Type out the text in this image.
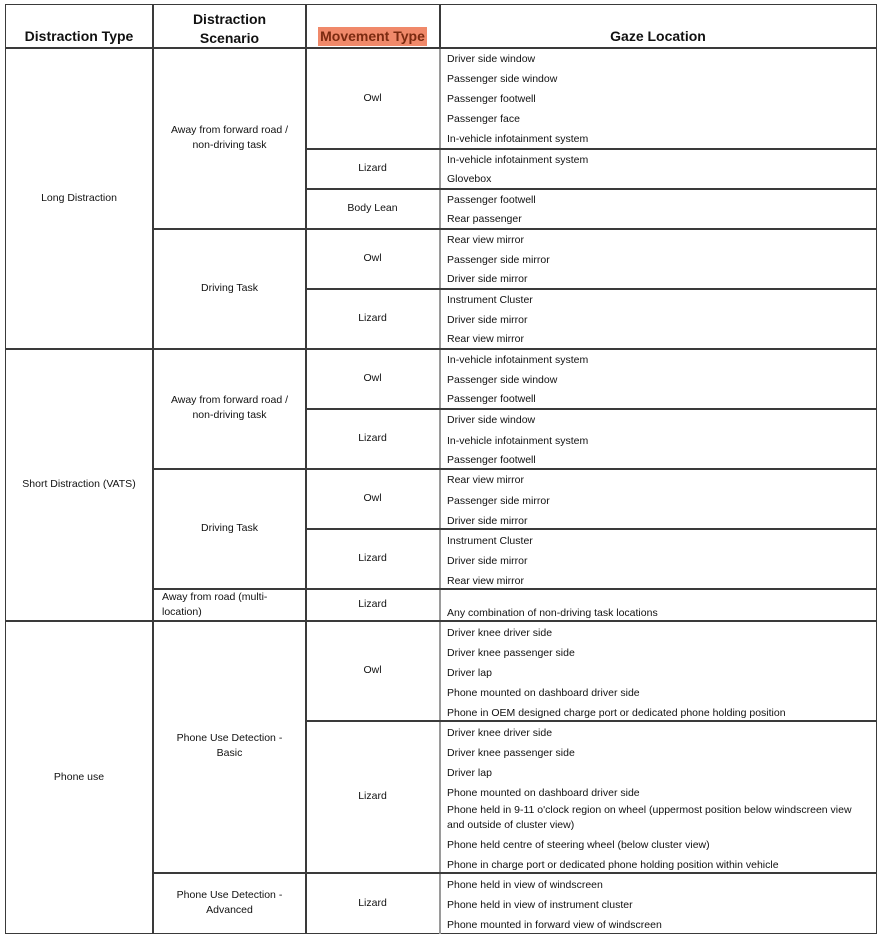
Distraction Type
Distraction Scenario	Movement Type	Gaze Location
Long Distraction
Short Distraction (VATS)
Phone use
Away from forward road / non-driving task
Driving Task
Away from forward road / non-driving task
Driving Task
Away from road (multi-location)
Phone Use Detection - Basic
Phone Use Detection - Advanced
Owl
Lizard
Body Lean
Owl
Lizard
Owl
Lizard
Owl
Lizard
Lizard
Owl
Lizard
Lizard
Driver side window
Passenger side window
Passenger footwell
Passenger face
In-vehicle infotainment system
In-vehicle infotainment system
Glovebox
Passenger footwell
Rear passenger
Rear view mirror
Passenger side mirror
Driver side mirror
Instrument Cluster
Driver side mirror
Rear view mirror
In-vehicle infotainment system
Passenger side window
Passenger footwell
Driver side window
In-vehicle infotainment system
Passenger footwell
Rear view mirror
Passenger side mirror
Driver side mirror
Instrument Cluster
Driver side mirror
Rear view mirror
Any combination of non-driving task locations
Driver knee driver side
Driver knee passenger side
Driver lap
Phone mounted on dashboard driver side
Phone in OEM designed charge port or dedicated phone holding position
Driver knee driver side
Driver knee passenger side
Driver lap
Phone mounted on dashboard driver side
Phone held in 9-11 o'clock region on wheel (uppermost position below windscreen view and outside of cluster view)
Phone held centre of steering wheel (below cluster view)
Phone in charge port or dedicated phone holding position within vehicle
Phone held in view of windscreen
Phone held in view of instrument cluster
Phone mounted in forward view of windscreen
